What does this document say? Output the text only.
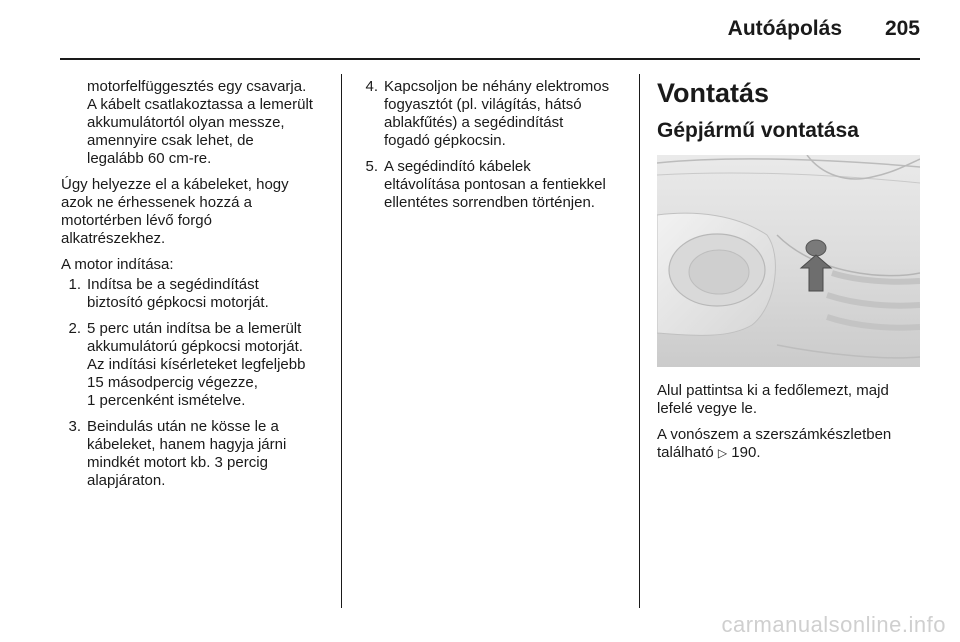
Autóápolás 205

motorfelfüggesztés egy csavarja.
A kábelt csatlakoztassa a lemerült
akkumulátortól olyan messze,
amennyire csak lehet, de
legalább 60 cm-re.

Úgy helyezze el a kábeleket, hogy
azok ne érhessenek hozzá a
motortérben lévő forgó
alkatrészekhez.

A motor indítása:

1. Indítsa be a segédindítást
biztosító gépkocsi motorját.
2. 5 perc után indítsa be a lemerült
akkumulátorú gépkocsi motorját.
Az indítási kísérleteket legfeljebb
15 másodpercig végezze,
1 percenként ismételve.
3. Beindulás után ne kösse le a
kábeleket, hanem hagyja járni
mindkét motort kb. 3 percig
alapjáraton.
4. Kapcsoljon be néhány elektromos
fogyasztót (pl. világítás, hátsó
ablakfűtés) a segédindítást
fogadó gépkocsin.
5. A segédindító kábelek
eltávolítása pontosan a fentiekkel
ellentétes sorrendben történjen.
Vontatás
Gépjármű vontatása

Alul pattintsa ki a fedőlemezt, majd
lefelé vegye le.

A vonószem a szerszámkészletben
található ▷ 190.

carmanualsonline.info
